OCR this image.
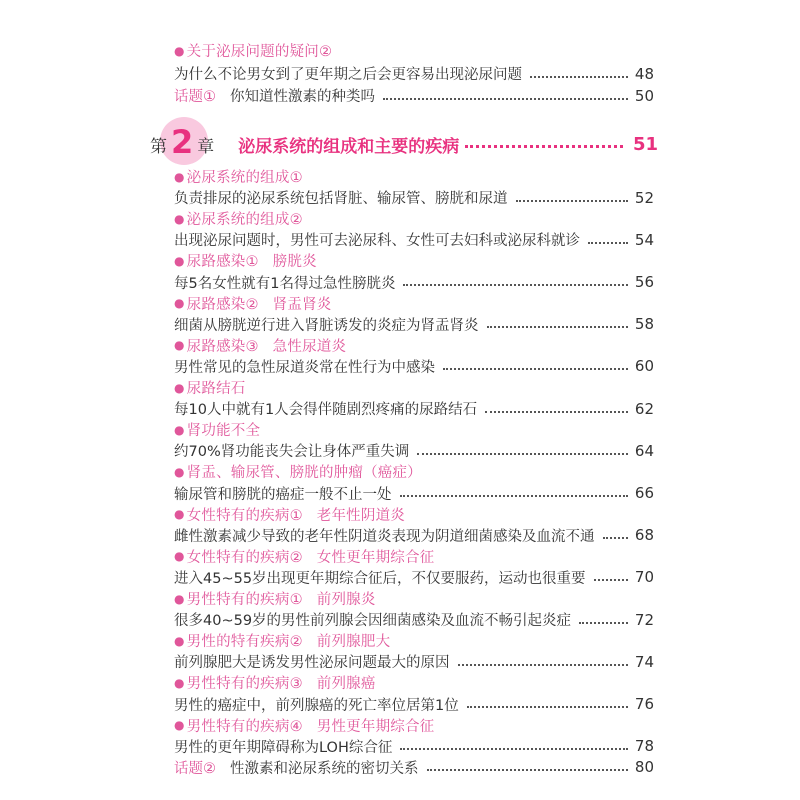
● 关于泌尿问题的疑问②
为什么不论男女到了更年期之后会更容易出现泌尿问题	48
话题① 你知道性激素的种类吗	50
第 2 章 泌尿系统的组成和主要的疾病	51
● 泌尿系统的组成①
负责排尿的泌尿系统包括肾脏、输尿管、膀胱和尿道	52
● 泌尿系统的组成②
出现泌尿问题时，男性可去泌尿科、女性可去妇科或泌尿科就诊	54
● 尿路感染① 膀胱炎
每5名女性就有1名得过急性膀胱炎	56
● 尿路感染② 肾盂肾炎
细菌从膀胱逆行进入肾脏诱发的炎症为肾盂肾炎	58
● 尿路感染③ 急性尿道炎
男性常见的急性尿道炎常在性行为中感染	60
● 尿路结石
每10人中就有1人会得伴随剧烈疼痛的尿路结石	62
● 肾功能不全
约70%肾功能丧失会让身体严重失调	64
● 肾盂、输尿管、膀胱的肿瘤（癌症）
输尿管和膀胱的癌症一般不止一处	66
● 女性特有的疾病① 老年性阴道炎
雌性激素减少导致的老年性阴道炎表现为阴道细菌感染及血流不通	68
● 女性特有的疾病② 女性更年期综合征
进入45~55岁出现更年期综合征后，不仅要服药，运动也很重要	70
● 男性特有的疾病① 前列腺炎
很多40~59岁的男性前列腺会因细菌感染及血流不畅引起炎症	72
● 男性的特有疾病② 前列腺肥大
前列腺肥大是诱发男性泌尿问题最大的原因	74
● 男性特有的疾病③ 前列腺癌
男性的癌症中，前列腺癌的死亡率位居第1位	76
● 男性特有的疾病④ 男性更年期综合征
男性的更年期障碍称为LOH综合征	78
话题② 性激素和泌尿系统的密切关系	80
